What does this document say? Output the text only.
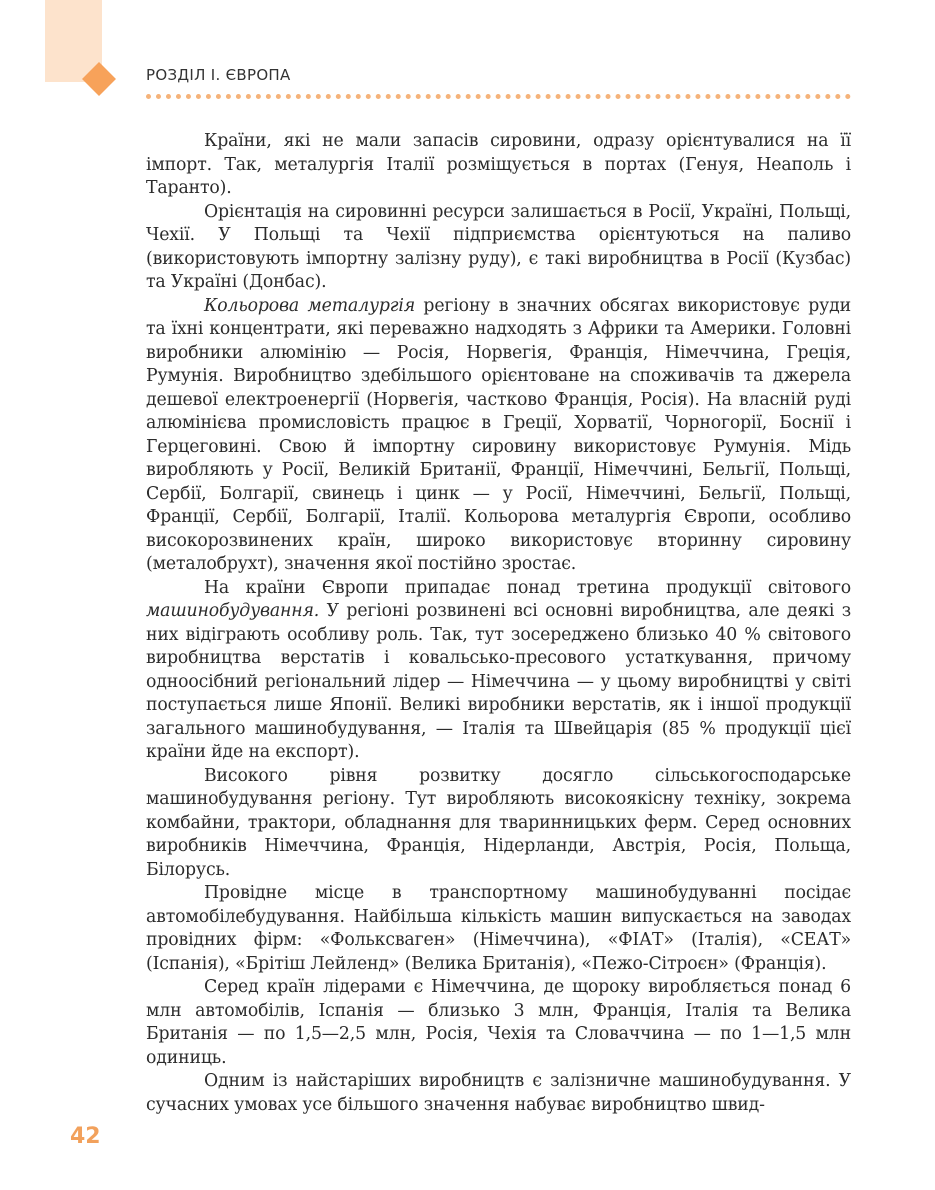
РОЗДІЛ І. ЄВРОПА

Країни, які не мали запасів сировини, одразу орієнтувалися на її імпорт. Так, металургія Італії розміщується в портах (Генуя, Неаполь і Таранто).

Орієнтація на сировинні ресурси залишається в Росії, Україні, Польщі, Чехії. У Польщі та Чехії підприємства орієнтуються на паливо (використовують імпортну залізну руду), є такі виробництва в Росії (Кузбас) та Україні (Донбас).

Кольорова металургія регіону в значних обсягах використовує руди та їхні концентрати, які переважно надходять з Африки та Америки. Головні виробники алюмінію — Росія, Норвегія, Франція, Німеччина, Греція, Румунія. Виробництво здебільшого орієнтоване на споживачів та джерела дешевої електроенергії (Норвегія, частково Франція, Росія). На власній руді алюмінієва промисловість працює в Греції, Хорватії, Чорногорії, Боснії і Герцеговині. Свою й імпортну сировину використовує Румунія. Мідь виробляють у Росії, Великій Британії, Франції, Німеччині, Бельгії, Польщі, Сербії, Болгарії, свинець і цинк — у Росії, Німеччині, Бельгії, Польщі, Франції, Сербії, Болгарії, Італії. Кольорова металургія Європи, особливо високорозвинених країн, широко використовує вторинну сировину (металобрухт), значення якої постійно зростає.

На країни Європи припадає понад третина продукції світового машинобудування. У регіоні розвинені всі основні виробництва, але деякі з них відіграють особливу роль. Так, тут зосереджено близько 40 % світового виробництва верстатів і ковальсько-пресового устаткування, причому одноосібний регіональний лідер — Німеччина — у цьому виробництві у світі поступається лише Японії. Великі виробники верстатів, як і іншої продукції загального машинобудування, — Італія та Швейцарія (85 % продукції цієї країни йде на експорт).

Високого рівня розвитку досягло сільськогосподарське машинобудування регіону. Тут виробляють високоякісну техніку, зокрема комбайни, трактори, обладнання для тваринницьких ферм. Серед основних виробників Німеччина, Франція, Нідерланди, Австрія, Росія, Польща, Білорусь.

Провідне місце в транспортному машинобудуванні посідає автомобілебудування. Найбільша кількість машин випускається на заводах провідних фірм: «Фольксваген» (Німеччина), «ФІАТ» (Італія), «СЕАТ» (Іспанія), «Брітіш Лейленд» (Велика Британія), «Пежо-Сітроєн» (Франція).

Серед країн лідерами є Німеччина, де щороку виробляється понад 6 млн автомобілів, Іспанія — близько 3 млн, Франція, Італія та Велика Британія — по 1,5—2,5 млн, Росія, Чехія та Словаччина — по 1—1,5 млн одиниць.

Одним із найстаріших виробництв є залізничне машинобудування. У сучасних умовах усе більшого значення набуває виробництво швид-

42
